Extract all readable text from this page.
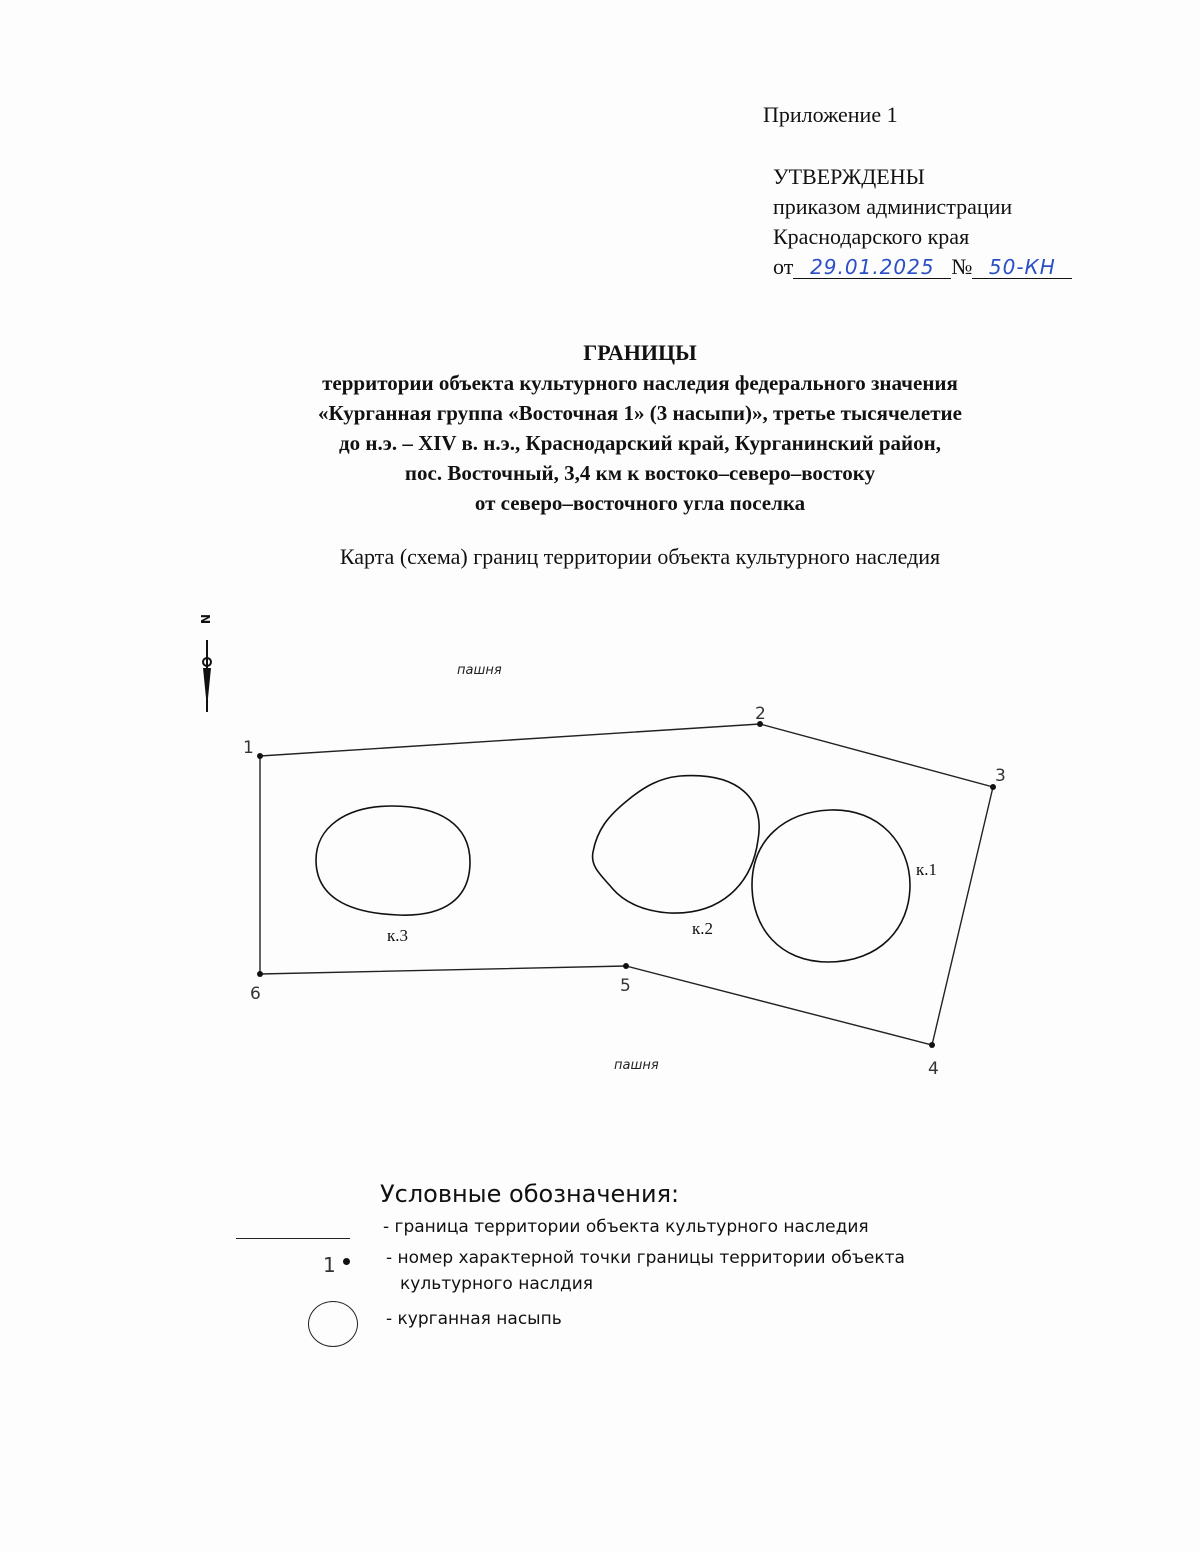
Приложение 1
УТВЕРЖДЕНЫ
приказом администрации
Краснодарского края
от 29.01.2025 № 50-КН
ГРАНИЦЫ
территории объекта культурного наследия федерального значения
«Курганная группа «Восточная 1» (3 насыпи)», третье тысячелетие
до н.э. – XIV в. н.э., Краснодарский край, Курганинский район,
пос. Восточный, 3,4 км к востоко–северо–востоку
от северо–восточного угла поселка
Карта (схема) границ территории объекта культурного наследия
N
пашня
пашня
1
2
3
4
5
6
к.1
к.2
к.3
Условные обозначения:
- граница территории объекта культурного наследия
1	- номер характерной точки границы территории объекта
культурного наслдия
- курганная насыпь
